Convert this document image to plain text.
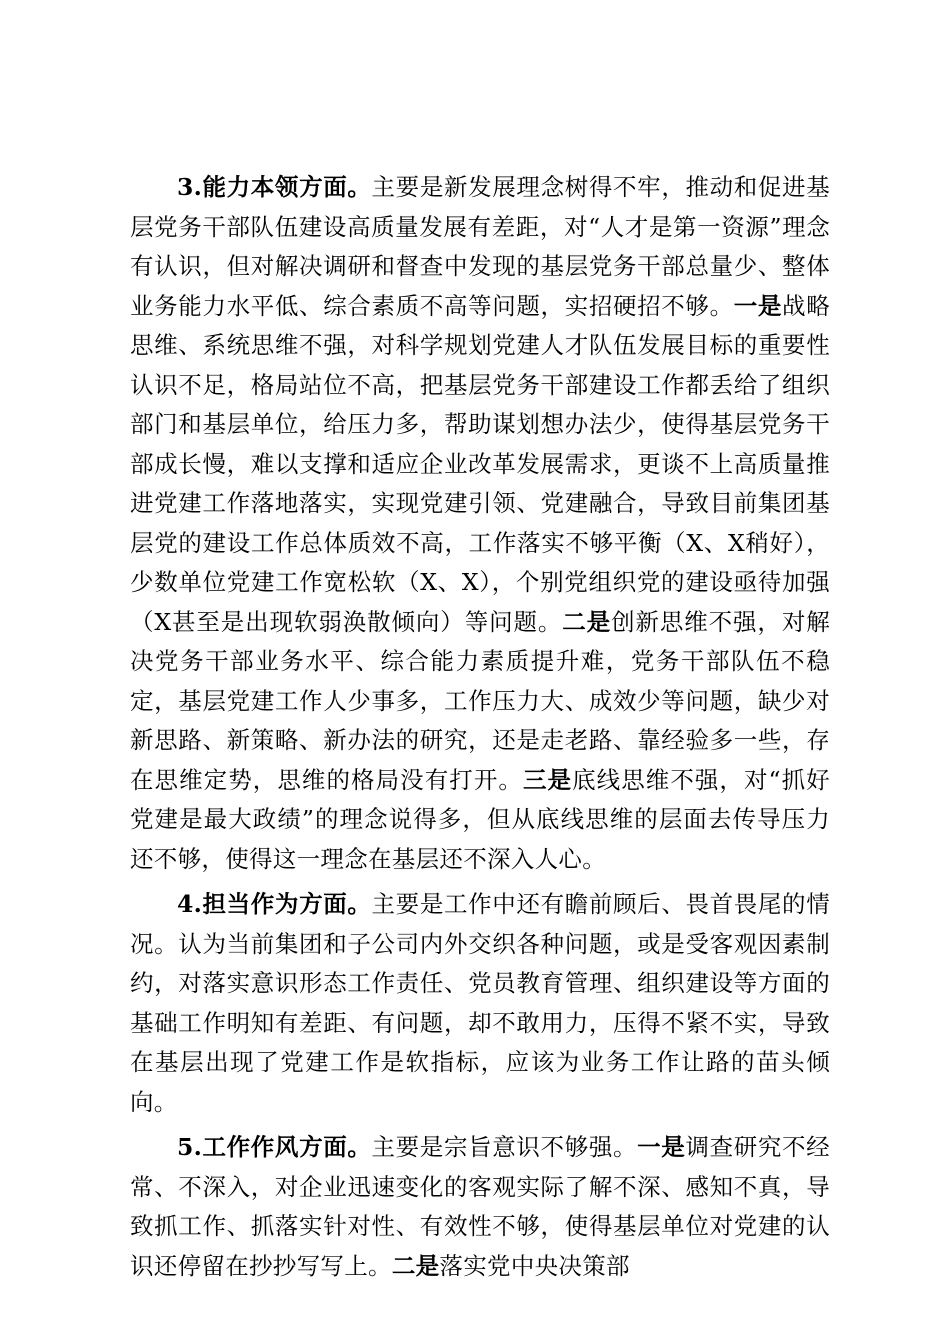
3.能力本领方面。主要是新发展理念树得不牢，推动和促进基层党务干部队伍建设高质量发展有差距，对“人才是第一资源”理念有认识，但对解决调研和督查中发现的基层党务干部总量少、整体业务能力水平低、综合素质不高等问题，实招硬招不够。一是战略思维、系统思维不强，对科学规划党建人才队伍发展目标的重要性认识不足，格局站位不高，把基层党务干部建设工作都丢给了组织部门和基层单位，给压力多，帮助谋划想办法少，使得基层党务干部成长慢，难以支撑和适应企业改革发展需求，更谈不上高质量推进党建工作落地落实，实现党建引领、党建融合，导致目前集团基层党的建设工作总体质效不高，工作落实不够平衡（X、X稍好），少数单位党建工作宽松软（X、X），个别党组织党的建设亟待加强（X甚至是出现软弱涣散倾向）等问题。二是创新思维不强，对解决党务干部业务水平、综合能力素质提升难，党务干部队伍不稳定，基层党建工作人少事多，工作压力大、成效少等问题，缺少对新思路、新策略、新办法的研究，还是走老路、靠经验多一些，存在思维定势，思维的格局没有打开。三是底线思维不强，对“抓好党建是最大政绩”的理念说得多，但从底线思维的层面去传导压力还不够，使得这一理念在基层还不深入人心。

4.担当作为方面。主要是工作中还有瞻前顾后、畏首畏尾的情况。认为当前集团和子公司内外交织各种问题，或是受客观因素制约，对落实意识形态工作责任、党员教育管理、组织建设等方面的基础工作明知有差距、有问题，却不敢用力，压得不紧不实，导致在基层出现了党建工作是软指标，应该为业务工作让路的苗头倾向。

5.工作作风方面。主要是宗旨意识不够强。一是调查研究不经常、不深入，对企业迅速变化的客观实际了解不深、感知不真，导致抓工作、抓落实针对性、有效性不够，使得基层单位对党建的认识还停留在抄抄写写上。二是落实党中央决策部
